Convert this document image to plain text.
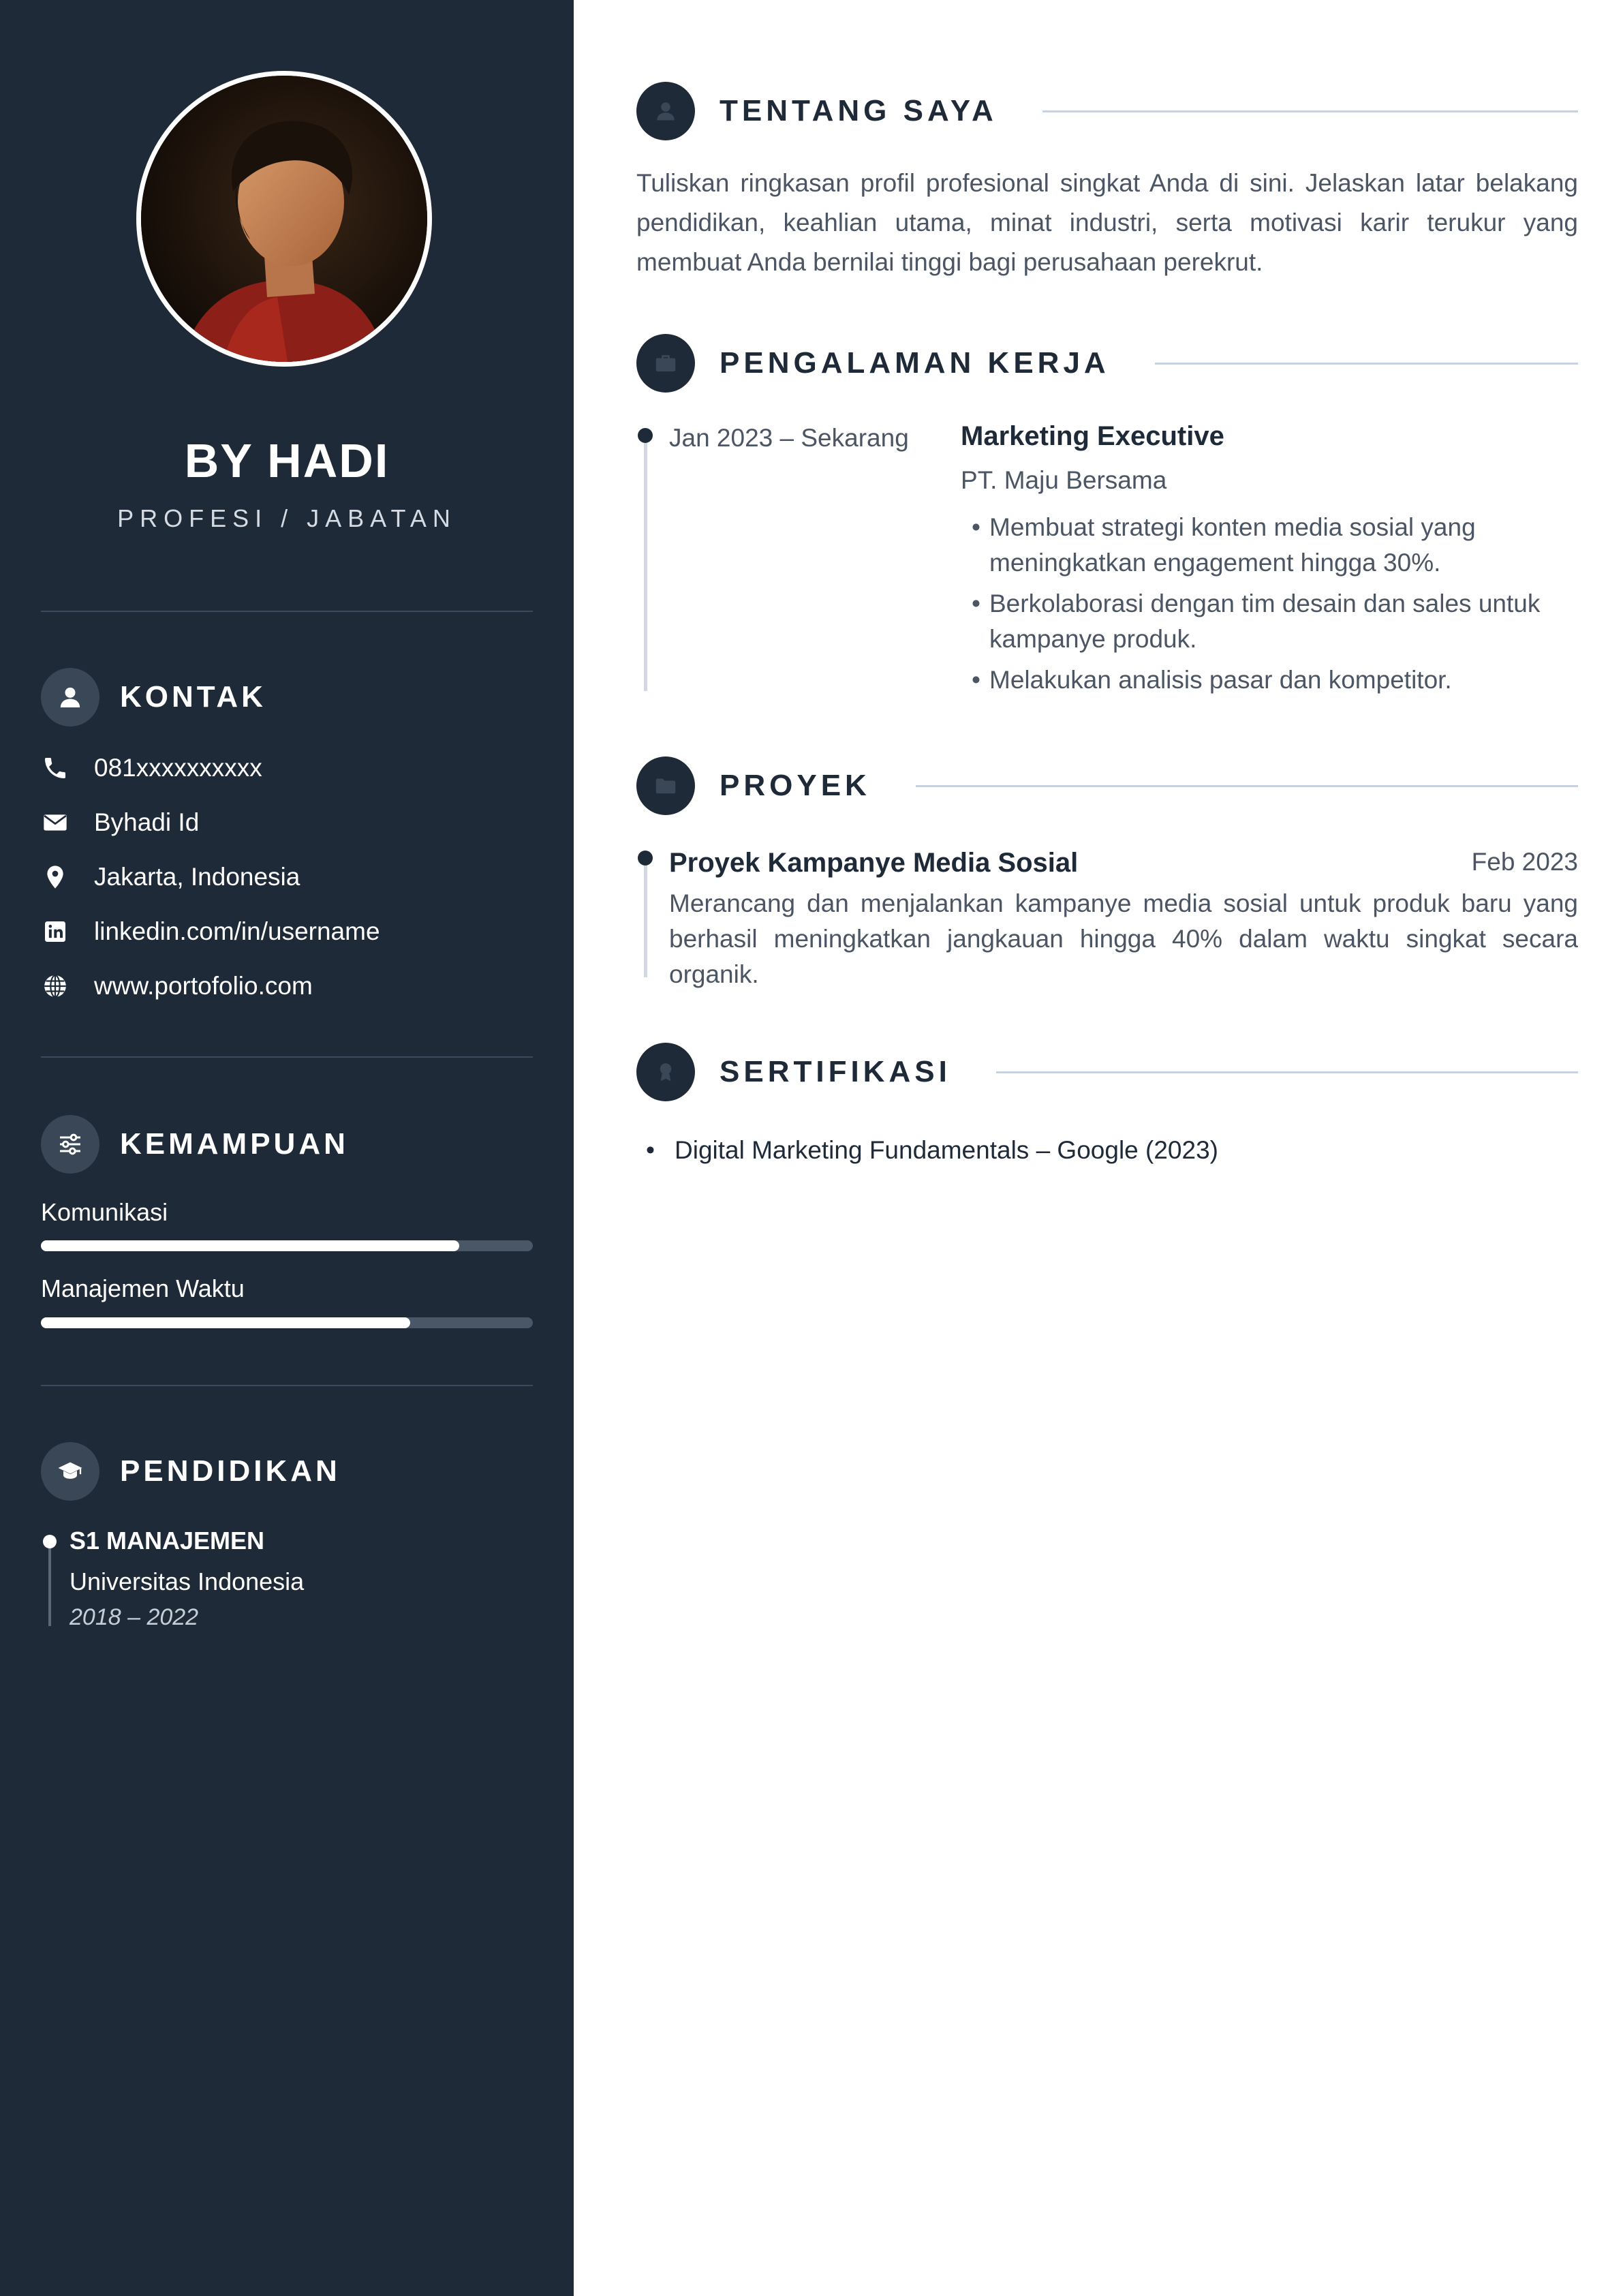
BY HADI
PROFESI / JABATAN
KONTAK
081xxxxxxxxxx
Byhadi Id
Jakarta, Indonesia
linkedin.com/in/username
www.portofolio.com
KEMAMPUAN
Komunikasi
Manajemen Waktu
PENDIDIKAN
S1 MANAJEMEN
Universitas Indonesia
2018 – 2022
TENTANG SAYA
Tuliskan ringkasan profil profesional singkat Anda di sini. Jelaskan latar belakang pendidikan, keahlian utama, minat industri, serta motivasi karir terukur yang membuat Anda bernilai tinggi bagi perusahaan perekrut.
PENGALAMAN KERJA
Jan 2023 – Sekarang Marketing Executive
PT. Maju Bersama
• Membuat strategi konten media sosial yang meningkatkan engagement hingga 30%.
• Berkolaborasi dengan tim desain dan sales untuk kampanye produk.
• Melakukan analisis pasar dan kompetitor.
PROYEK
Proyek Kampanye Media Sosial	Feb 2023
Merancang dan menjalankan kampanye media sosial untuk produk baru yang berhasil meningkatkan jangkauan hingga 40% dalam waktu singkat secara organik.
SERTIFIKASI
• Digital Marketing Fundamentals – Google (2023)
